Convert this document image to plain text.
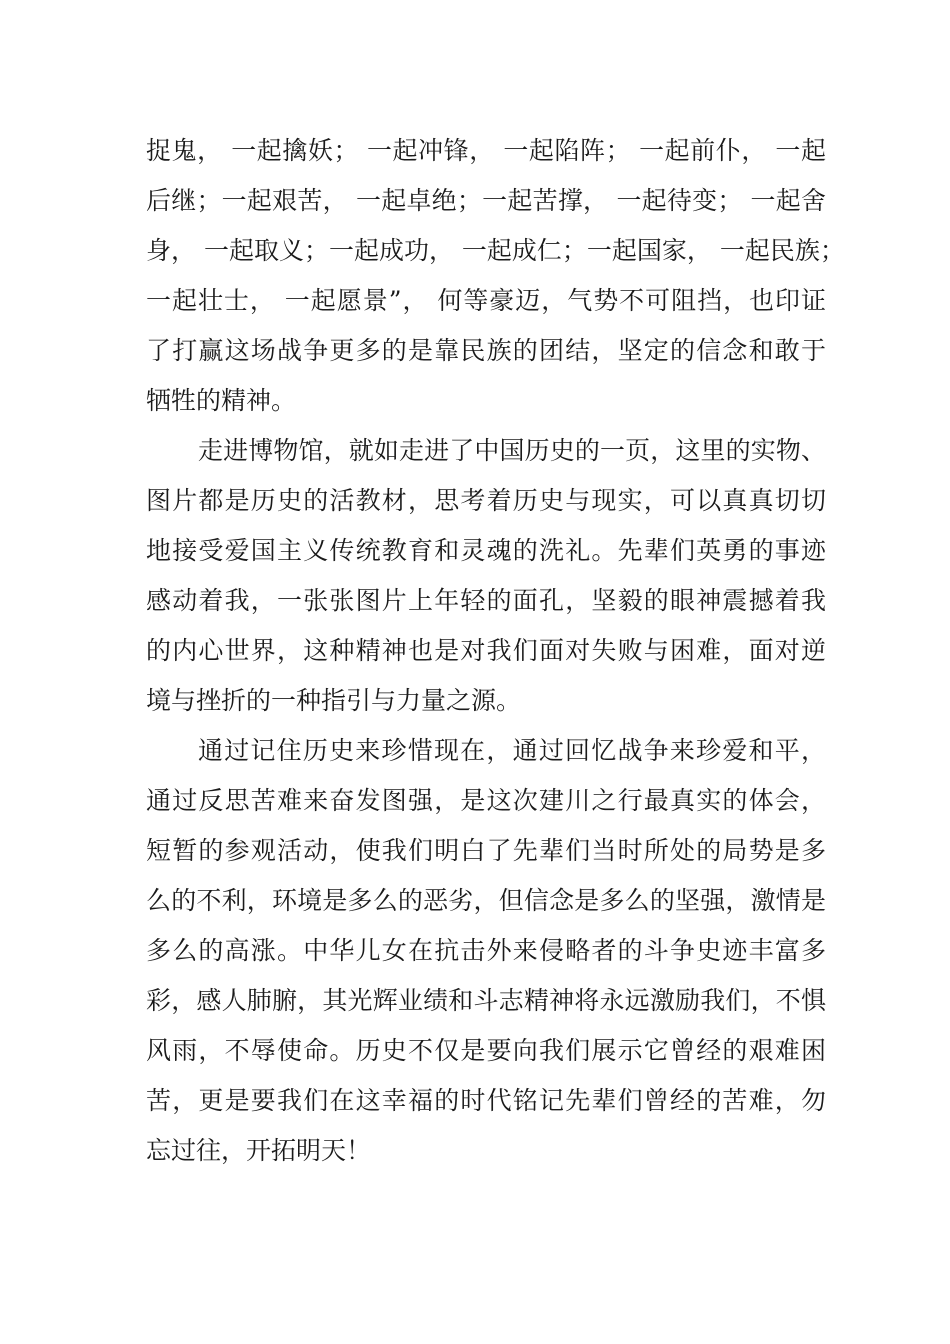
捉鬼， 一起擒妖； 一起冲锋， 一起陷阵； 一起前仆， 一起
后继；一起艰苦， 一起卓绝；一起苦撑， 一起待变； 一起舍
身， 一起取义；一起成功， 一起成仁；一起国家， 一起民族；
一起壮士， 一起愿景”， 何等豪迈，气势不可阻挡，也印证
了打赢这场战争更多的是靠民族的团结，坚定的信念和敢于
牺牲的精神。
走进博物馆，就如走进了中国历史的一页，这里的实物、
图片都是历史的活教材，思考着历史与现实，可以真真切切
地接受爱国主义传统教育和灵魂的洗礼。先辈们英勇的事迹
感动着我，一张张图片上年轻的面孔，坚毅的眼神震撼着我
的内心世界，这种精神也是对我们面对失败与困难，面对逆
境与挫折的一种指引与力量之源。
通过记住历史来珍惜现在，通过回忆战争来珍爱和平，
通过反思苦难来奋发图强，是这次建川之行最真实的体会，
短暂的参观活动，使我们明白了先辈们当时所处的局势是多
么的不利，环境是多么的恶劣，但信念是多么的坚强，激情是
多么的高涨。中华儿女在抗击外来侵略者的斗争史迹丰富多
彩，感人肺腑，其光辉业绩和斗志精神将永远激励我们，不惧
风雨，不辱使命。历史不仅是要向我们展示它曾经的艰难困
苦，更是要我们在这幸福的时代铭记先辈们曾经的苦难，勿
忘过往，开拓明天！
